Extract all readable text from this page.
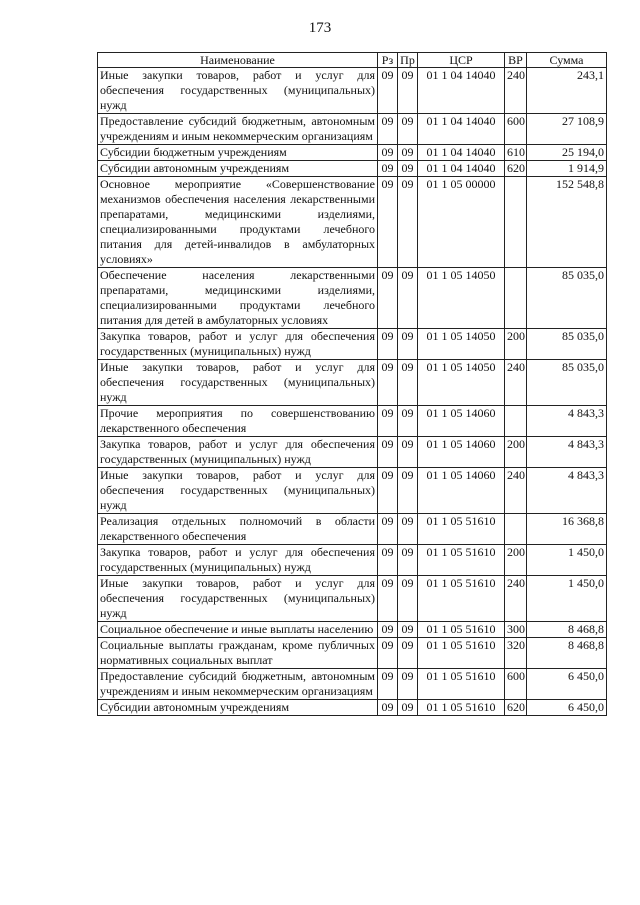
173
Наименование	Рз	Пр	ЦСР	ВР	Сумма
Иные закупки товаров, работ и услуг для обеспечения государственных (муниципальных) нужд	09	09	01 1 04 14040	240	243,1
Предоставление субсидий бюджетным, автономным учреждениям и иным некоммерческим организациям	09	09	01 1 04 14040	600	27 108,9
Субсидии бюджетным учреждениям	09	09	01 1 04 14040	610	25 194,0
Субсидии автономным учреждениям	09	09	01 1 04 14040	620	1 914,9
Основное мероприятие «Совершенствование механизмов обеспечения населения лекарственными препаратами, медицинскими изделиями, специализированными продуктами лечебного питания для детей-инвалидов в амбулаторных условиях»	09	09	01 1 05 00000		152 548,8
Обеспечение населения лекарственными препаратами, медицинскими изделиями, специализированными продуктами лечебного питания для детей в амбулаторных условиях	09	09	01 1 05 14050		85 035,0
Закупка товаров, работ и услуг для обеспечения государственных (муниципальных) нужд	09	09	01 1 05 14050	200	85 035,0
Иные закупки товаров, работ и услуг для обеспечения государственных (муниципальных) нужд	09	09	01 1 05 14050	240	85 035,0
Прочие мероприятия по совершенствованию лекарственного обеспечения	09	09	01 1 05 14060		4 843,3
Закупка товаров, работ и услуг для обеспечения государственных (муниципальных) нужд	09	09	01 1 05 14060	200	4 843,3
Иные закупки товаров, работ и услуг для обеспечения государственных (муниципальных) нужд	09	09	01 1 05 14060	240	4 843,3
Реализация отдельных полномочий в области лекарственного обеспечения	09	09	01 1 05 51610		16 368,8
Закупка товаров, работ и услуг для обеспечения государственных (муниципальных) нужд	09	09	01 1 05 51610	200	1 450,0
Иные закупки товаров, работ и услуг для обеспечения государственных (муниципальных) нужд	09	09	01 1 05 51610	240	1 450,0
Социальное обеспечение и иные выплаты населению	09	09	01 1 05 51610	300	8 468,8
Социальные выплаты гражданам, кроме публичных нормативных социальных выплат	09	09	01 1 05 51610	320	8 468,8
Предоставление субсидий бюджетным, автономным учреждениям и иным некоммерческим организациям	09	09	01 1 05 51610	600	6 450,0
Субсидии автономным учреждениям	09	09	01 1 05 51610	620	6 450,0
